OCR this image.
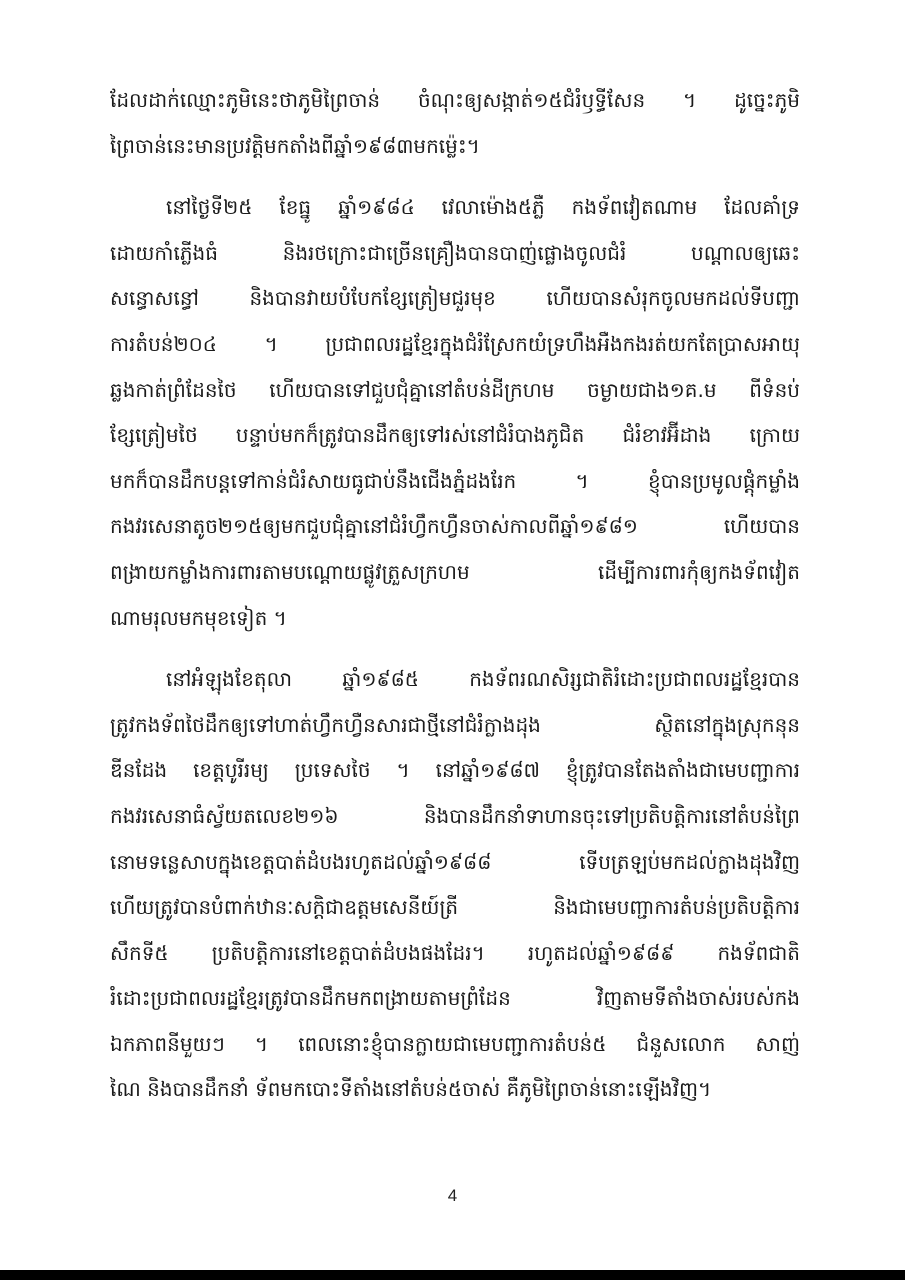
ដែលដាក់ឈ្មោះភូមិនេះថាភូមិព្រៃចាន់ ចំណុះឲ្យសង្កាត់១៥ជំរំឫទ្ធីសែន ។ ដូច្នេះភូមិ
ព្រៃចាន់នេះមានប្រវត្តិមកតាំងពីឆ្នាំ១៩៨៣មកម្ល៉េះ។
នៅថ្ងៃទី២៥ ខែធ្នូ ឆ្នាំ១៩៨៤ វេលាម៉ោង៥ភ្លឺ កងទ័ពវៀតណាម ដែលគាំទ្រ
ដោយកាំភ្លើងធំ និងរថក្រោះជាច្រើនគ្រឿងបានបាញ់ផ្លោងចូលជំរំ បណ្តាលឲ្យឆេះ
សន្ធោសន្ធៅ និងបានវាយបំបែកខ្សែត្រៀមជួរមុខ ហើយបានសំរុកចូលមកដល់ទីបញ្ជា
ការតំបន់២០៤ ។ ប្រជាពលរដ្ឋខ្មែរក្នុងជំរំស្រែកយំទ្រហឹងអឺងកងរត់យកតែប្រាសអាយុ
ឆ្លងកាត់ព្រំដែនថៃ ហើយបានទៅជួបជុំគ្នានៅតំបន់ដីក្រហម ចម្ងាយជាង១គ.ម ពីទំនប់
ខ្សែត្រៀមថៃ បន្ទាប់មកក៏ត្រូវបានដឹកឲ្យទៅរស់នៅជំរំបាងភូជិត ជំរំខាវអ៊ីដាង ក្រោយ
មកក៏បានដឹកបន្តទៅកាន់ជំរំសាយធូជាប់នឹងជើងភ្នំដងរែក ។ ខ្ញុំបានប្រមូលផ្តុំកម្លាំង
កងវរសេនាតូច២១៥ឲ្យមកជួបជុំគ្នានៅជំរំហ្វឹកហ្វឺនចាស់កាលពីឆ្នាំ១៩៨១ ហើយបាន
ពង្រាយកម្លាំងការពារតាមបណ្តោយផ្លូវត្រួសក្រហម ដើម្បីការពារកុំឲ្យកងទ័ពវៀត
ណាមរុលមកមុខទៀត ។
នៅអំឡុងខែតុលា ឆ្នាំ១៩៨៥ កងទ័ពរណសិរ្សជាតិរំដោះប្រជាពលរដ្ឋខ្មែរបាន
ត្រូវកងទ័ពថៃដឹកឲ្យទៅហាត់ហ្វឹកហ្វឺនសារជាថ្មីនៅជំរំក្លាងដុង ស្ថិតនៅក្នុងស្រុកនុន
ឌីនដែង ខេត្តបូរីរម្យ ប្រទេសថៃ ។ នៅឆ្នាំ១៩៨៧ ខ្ញុំត្រូវបានតែងតាំងជាមេបញ្ជាការ
កងវរសេនាធំស្វ័យតលេខ២១៦ និងបានដឹកនាំទាហានចុះទៅប្រតិបត្តិការនៅតំបន់ព្រៃ
នោមទន្លេសាបក្នុងខេត្តបាត់ដំបងរហូតដល់ឆ្នាំ១៩៨៨ ទើបត្រឡប់មកដល់ក្លាងដុងវិញ
ហើយត្រូវបានបំពាក់ឋានៈសក្តិជាឧត្តមសេនីយ៍ត្រី និងជាមេបញ្ជាការតំបន់ប្រតិបត្តិការ
សឹកទី៥ ប្រតិបត្តិការនៅខេត្តបាត់ដំបងផងដែរ។ រហូតដល់ឆ្នាំ១៩៨៩ កងទ័ពជាតិ
រំដោះប្រជាពលរដ្ឋខ្មែរត្រូវបានដឹកមកពង្រាយតាមព្រំដែន វិញតាមទីតាំងចាស់របស់កង
ឯកភាពនីមួយៗ ។ ពេលនោះខ្ញុំបានក្លាយជាមេបញ្ជាការតំបន់៥ ជំនួសលោក សាញ់
ណៃ និងបានដឹកនាំ ទ័ពមកបោះទីតាំងនៅតំបន់៥ចាស់ គឺភូមិព្រៃចាន់នោះឡើងវិញ។
4
